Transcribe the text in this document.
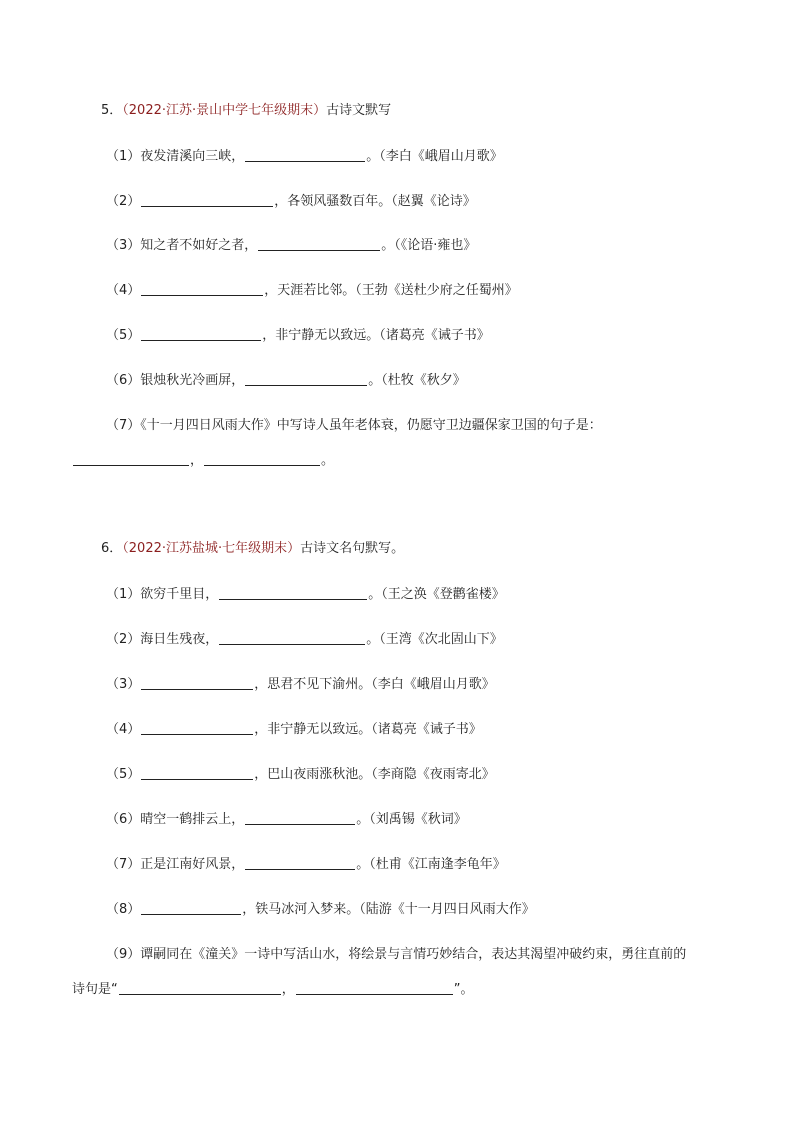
5．（2022·江苏·景山中学七年级期末）古诗文默写
（1）夜发清溪向三峡，	。（李白《峨眉山月歌》
（2）	，各领风骚数百年。（赵翼《论诗》
（3）知之者不如好之者，	。（《论语·雍也》
（4）	，天涯若比邻。（王勃《送杜少府之任蜀州》
（5）	，非宁静无以致远。（诸葛亮《诫子书》
（6）银烛秋光冷画屏，	。（杜牧《秋夕》
（7）《十一月四日风雨大作》中写诗人虽年老体衰，仍愿守卫边疆保家卫国的句子是：
，	。
6．（2022·江苏盐城·七年级期末）古诗文名句默写。
（1）欲穷千里目，	。（王之涣《登鹳雀楼》
（2）海日生残夜，	。（王湾《次北固山下》
（3）	，思君不见下渝州。（李白《峨眉山月歌》
（4）	，非宁静无以致远。（诸葛亮《诫子书》
（5）	，巴山夜雨涨秋池。（李商隐《夜雨寄北》
（6）晴空一鹤排云上，	。（刘禹锡《秋词》
（7）正是江南好风景，	。（杜甫《江南逢李龟年》
（8）	，铁马冰河入梦来。（陆游《十一月四日风雨大作》
（9）谭嗣同在《潼关》一诗中写活山水，将绘景与言情巧妙结合，表达其渴望冲破约束，勇往直前的
诗句是“	，	”。
